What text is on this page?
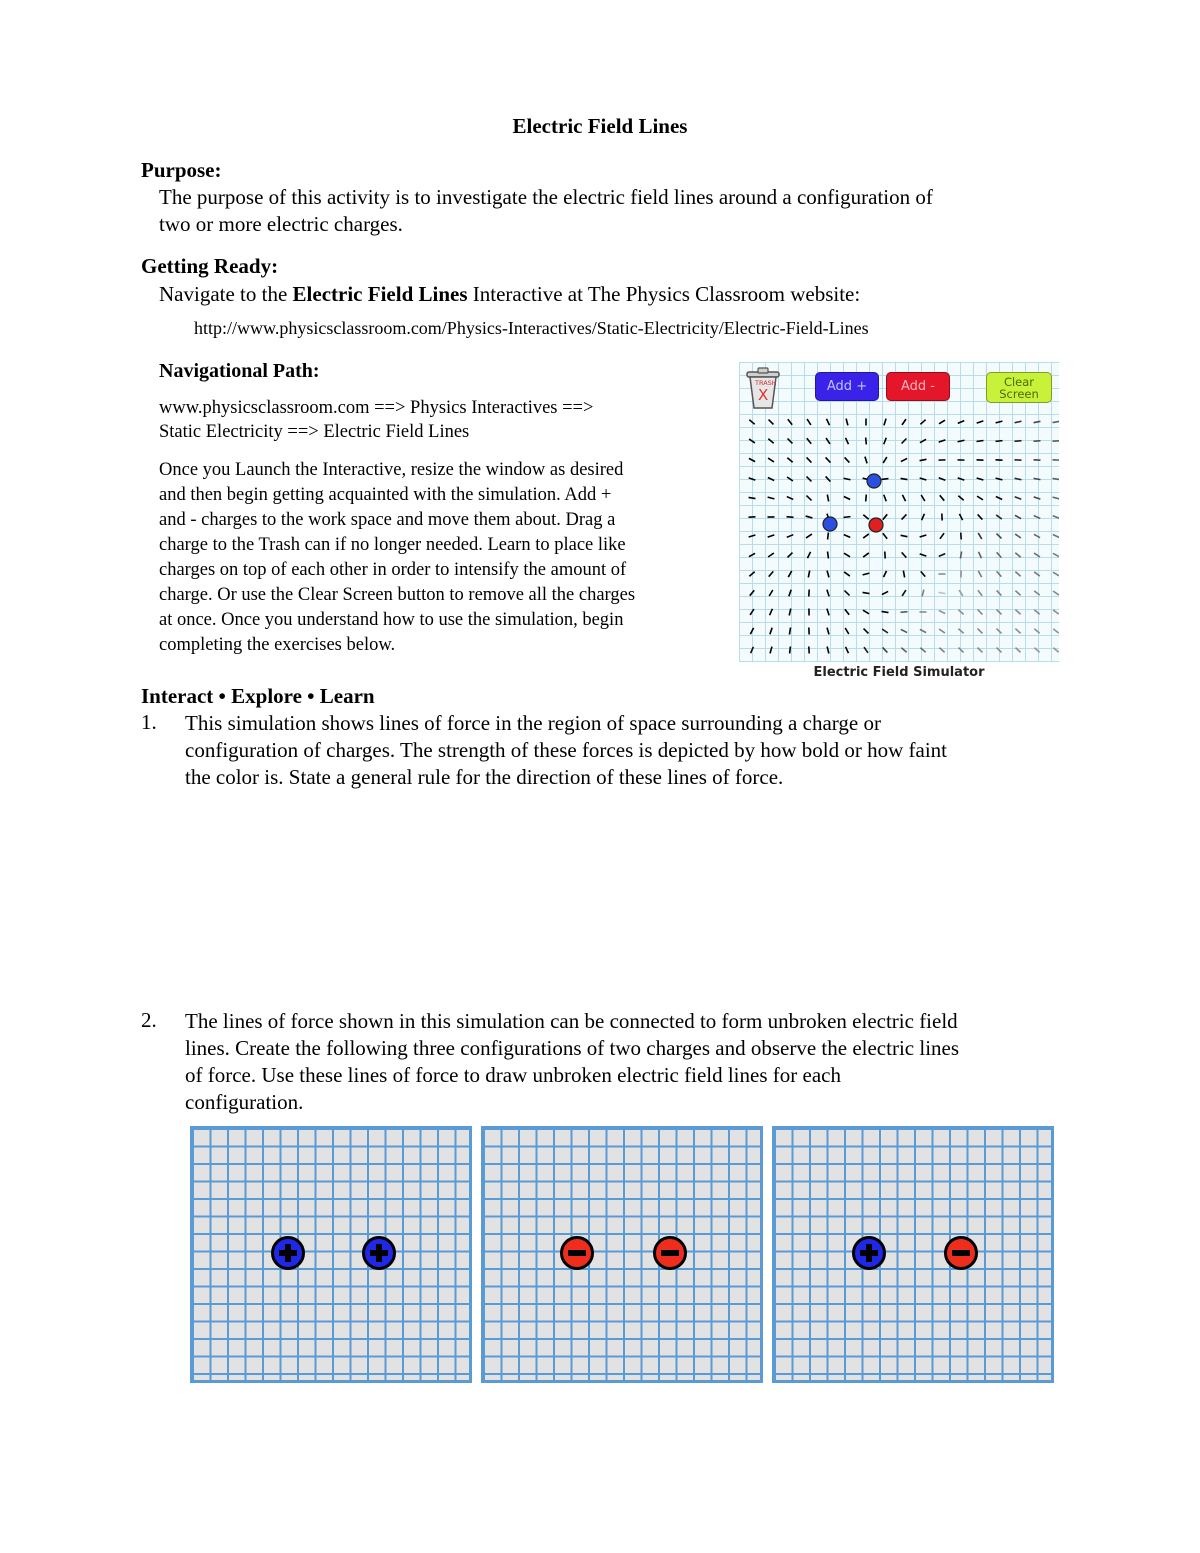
Electric Field Lines
Purpose:
The purpose of this activity is to investigate the electric field lines around a configuration of
two or more electric charges.
Getting Ready:
Navigate to the Electric Field Lines Interactive at The Physics Classroom website:
http://www.physicsclassroom.com/Physics-Interactives/Static-Electricity/Electric-Field-Lines
Navigational Path:
www.physicsclassroom.com ==> Physics Interactives ==>
Static Electricity ==> Electric Field Lines
Once you Launch the Interactive, resize the window as desired
and then begin getting acquainted with the simulation. Add +
and - charges to the work space and move them about. Drag a
charge to the Trash can if no longer needed. Learn to place like
charges on top of each other in order to intensify the amount of
charge. Or use the Clear Screen button to remove all the charges
at once. Once you understand how to use the simulation, begin
completing the exercises below.
TRASH
X	Add +	Add -	Clear
Screen
Electric Field Simulator
Interact • Explore • Learn
1. This simulation shows lines of force in the region of space surrounding a charge or
configuration of charges. The strength of these forces is depicted by how bold or how faint
the color is. State a general rule for the direction of these lines of force.
2. The lines of force shown in this simulation can be connected to form unbroken electric field
lines. Create the following three configurations of two charges and observe the electric lines
of force. Use these lines of force to draw unbroken electric field lines for each
configuration.
